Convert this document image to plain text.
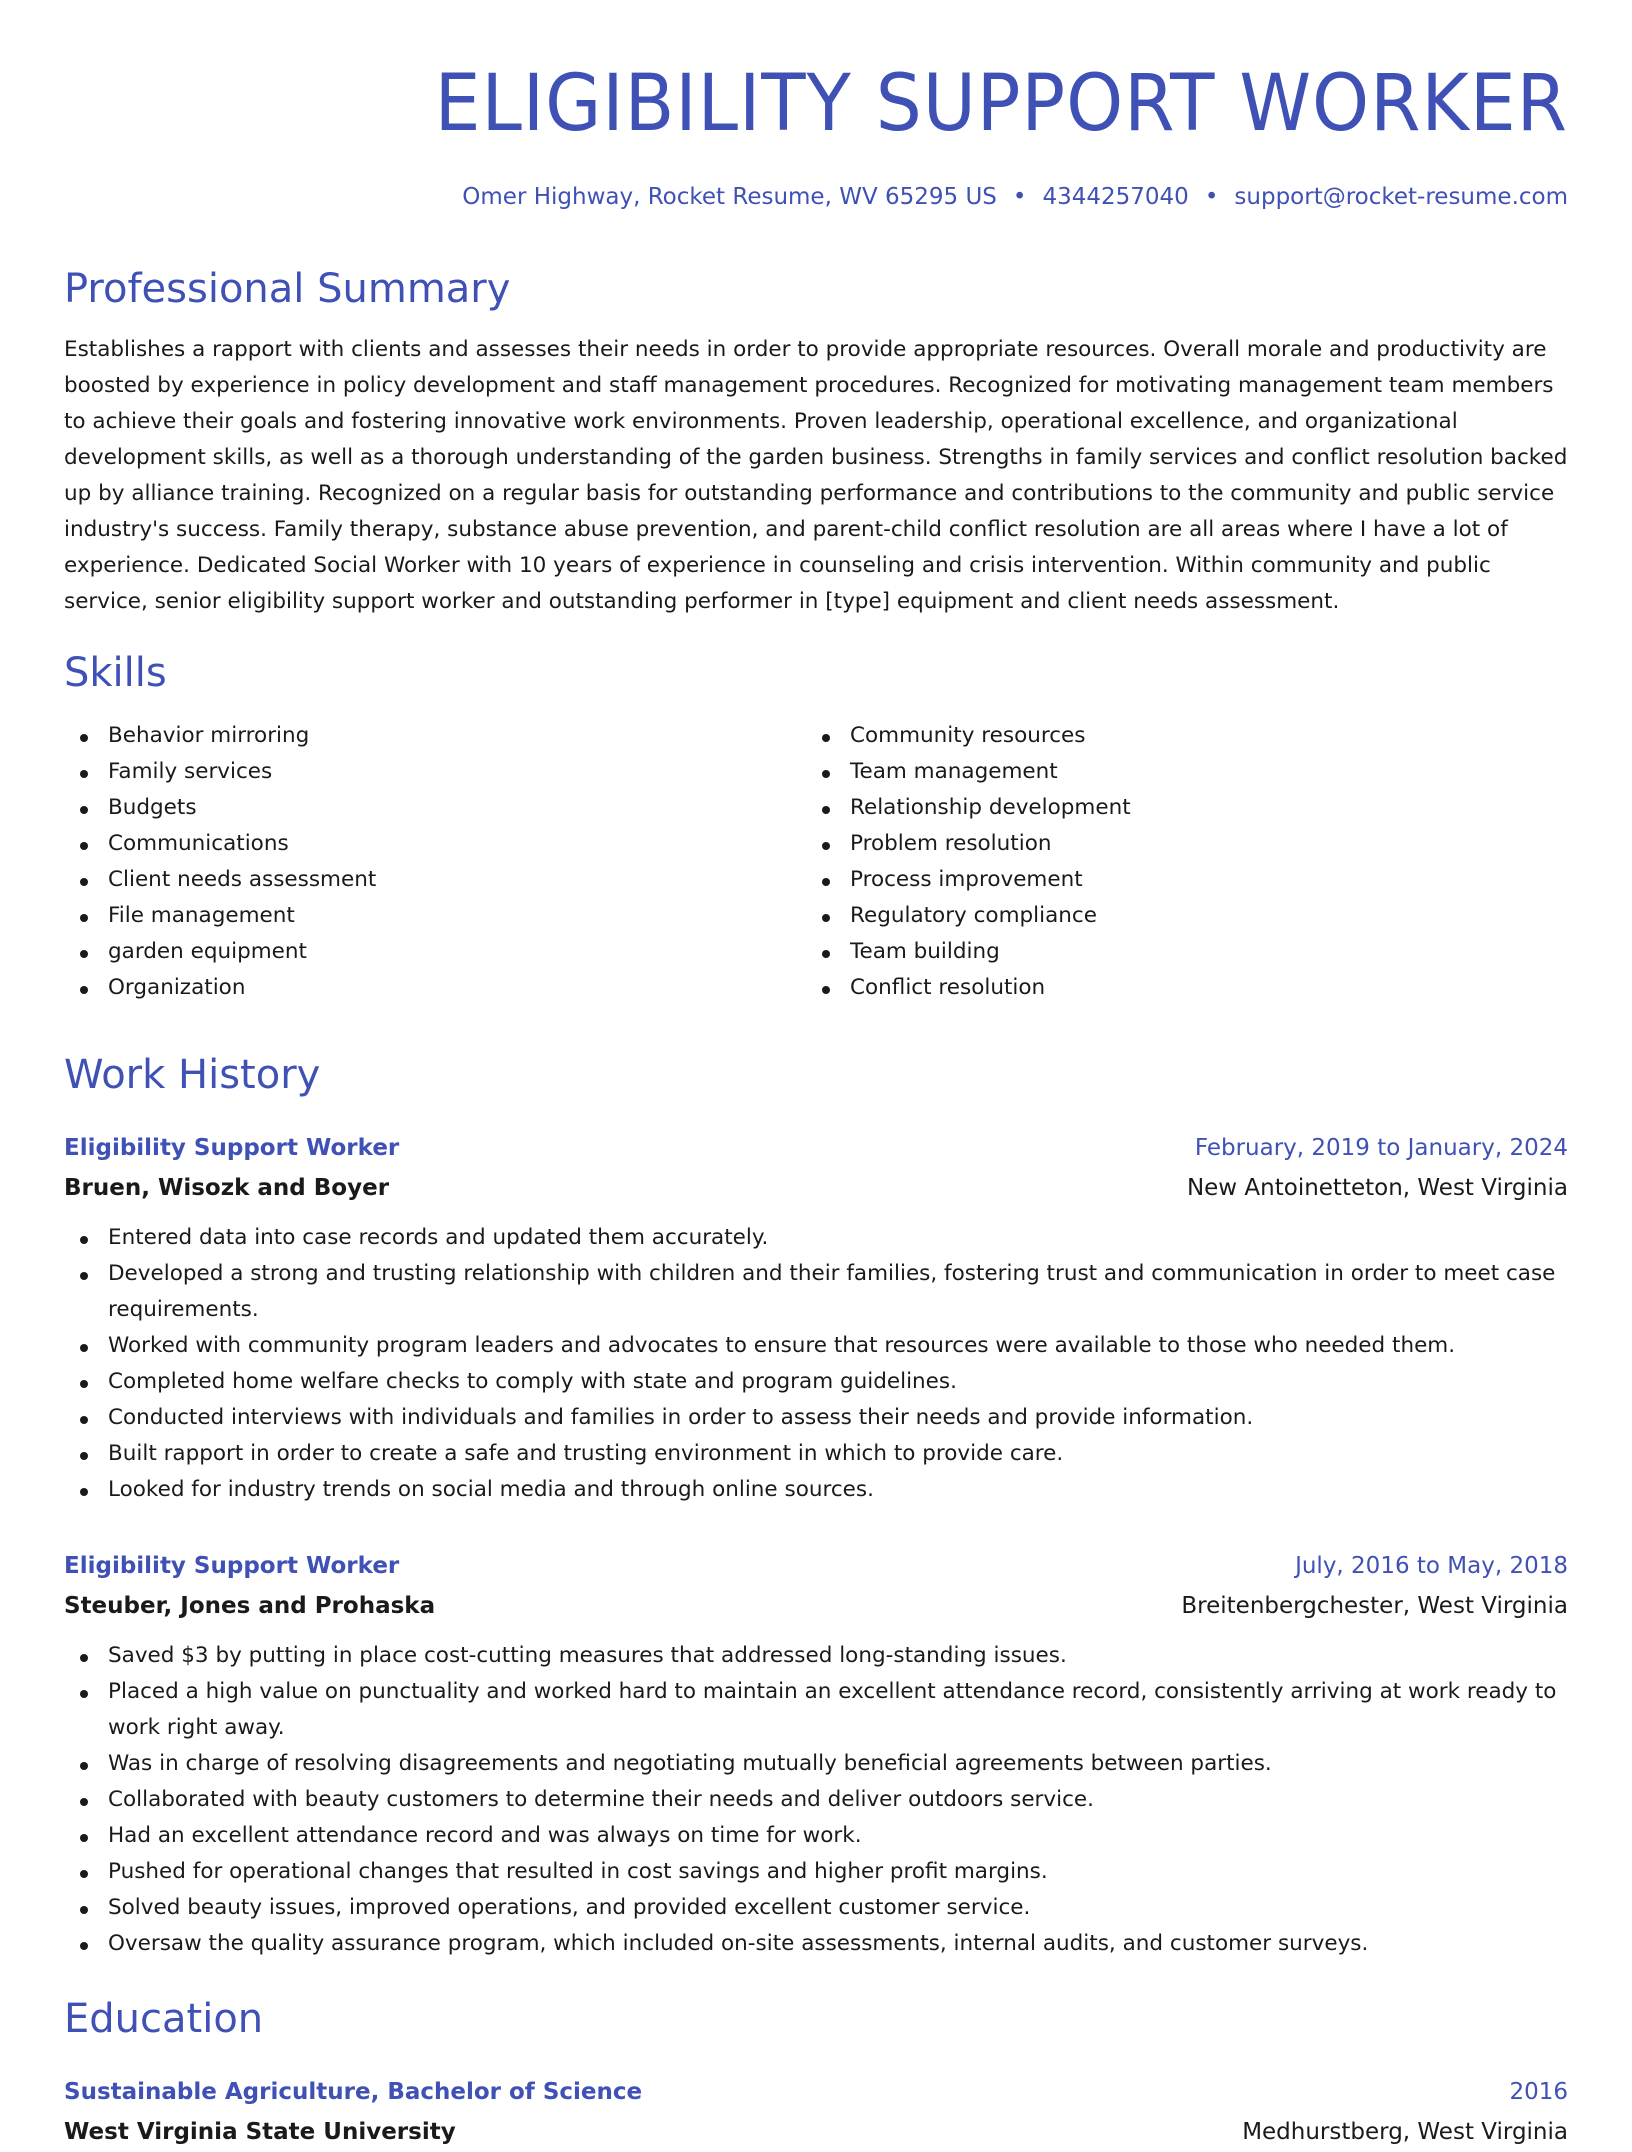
ELIGIBILITY SUPPORT WORKER
Omer Highway, Rocket Resume, WV 65295 US • 4344257040 • support@rocket-resume.com
Professional Summary
Establishes a rapport with clients and assesses their needs in order to provide appropriate resources. Overall morale and productivity are boosted by experience in policy development and staff management procedures. Recognized for motivating management team members to achieve their goals and fostering innovative work environments. Proven leadership, operational excellence, and organizational development skills, as well as a thorough understanding of the garden business. Strengths in family services and conflict resolution backed up by alliance training. Recognized on a regular basis for outstanding performance and contributions to the community and public service industry's success. Family therapy, substance abuse prevention, and parent-child conflict resolution are all areas where I have a lot of experience. Dedicated Social Worker with 10 years of experience in counseling and crisis intervention. Within community and public service, senior eligibility support worker and outstanding performer in [type] equipment and client needs assessment.
Skills
Behavior mirroring
Family services
Budgets
Communications
Client needs assessment
File management
garden equipment
Organization
Community resources
Team management
Relationship development
Problem resolution
Process improvement
Regulatory compliance
Team building
Conflict resolution
Work History
Eligibility Support Worker	February, 2019 to January, 2024
Bruen, Wisozk and Boyer	New Antoinetteton, West Virginia
Entered data into case records and updated them accurately.
Developed a strong and trusting relationship with children and their families, fostering trust and communication in order to meet case requirements.
Worked with community program leaders and advocates to ensure that resources were available to those who needed them.
Completed home welfare checks to comply with state and program guidelines.
Conducted interviews with individuals and families in order to assess their needs and provide information.
Built rapport in order to create a safe and trusting environment in which to provide care.
Looked for industry trends on social media and through online sources.
Eligibility Support Worker	July, 2016 to May, 2018
Steuber, Jones and Prohaska	Breitenbergchester, West Virginia
Saved $3 by putting in place cost-cutting measures that addressed long-standing issues.
Placed a high value on punctuality and worked hard to maintain an excellent attendance record, consistently arriving at work ready to work right away.
Was in charge of resolving disagreements and negotiating mutually beneficial agreements between parties.
Collaborated with beauty customers to determine their needs and deliver outdoors service.
Had an excellent attendance record and was always on time for work.
Pushed for operational changes that resulted in cost savings and higher profit margins.
Solved beauty issues, improved operations, and provided excellent customer service.
Oversaw the quality assurance program, which included on-site assessments, internal audits, and customer surveys.
Education
Sustainable Agriculture, Bachelor of Science	2016
West Virginia State University	Medhurstberg, West Virginia
